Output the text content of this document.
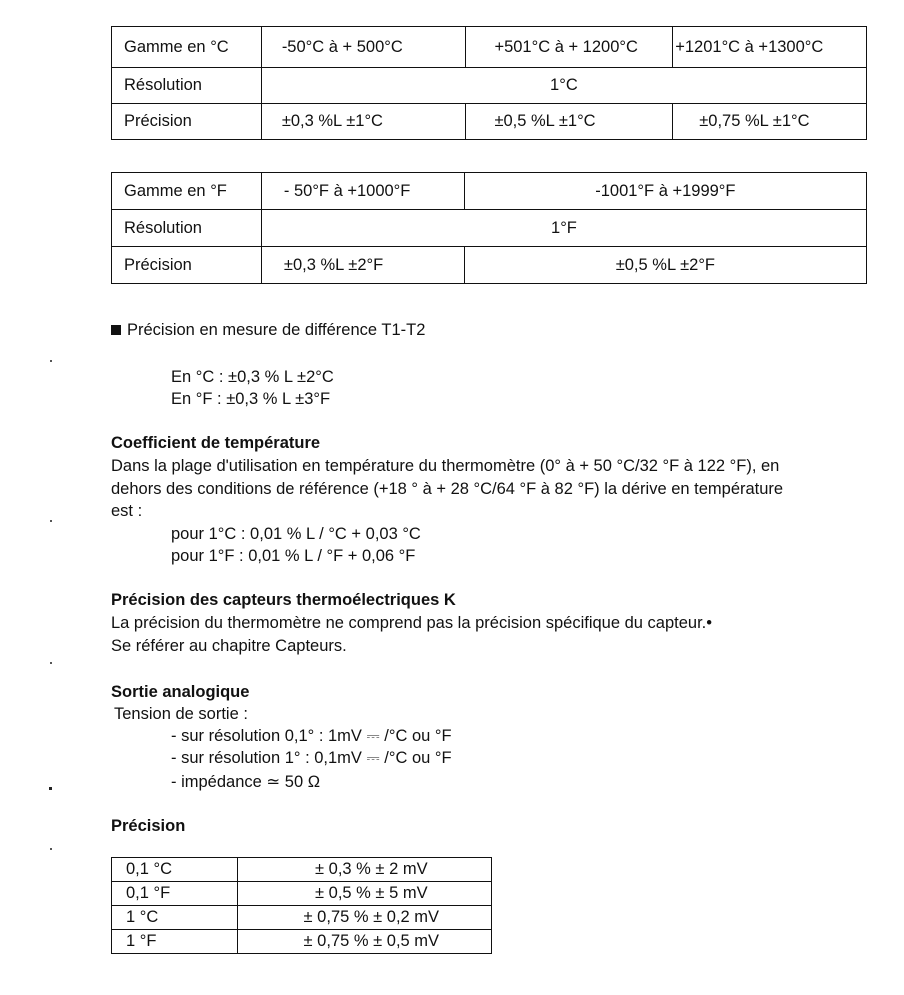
Gamme en °C	-50°C à + 500°C	+501°C à + 1200°C	+1201°C à +1300°C
Résolution	1°C		
Précision	±0,3 %L ±1°C	±0,5 %L ±1°C	±0,75 %L ±1°C
Gamme en °F	- 50°F à +1000°F	-1001°F à +1999°F
Résolution	1°F	
Précision	±0,3 %L ±2°F	±0,5 %L ±2°F
Précision en mesure de différence T1-T2
En °C : ±0,3 % L ±2°C
En °F : ±0,3 % L ±3°F
Coefficient de température
Dans la plage d'utilisation en température du thermomètre (0° à + 50 °C/32 °F à 122 °F), en
dehors des conditions de référence (+18 ° à + 28 °C/64 °F à 82 °F) la dérive en température
est :
pour 1°C : 0,01 % L / °C + 0,03 °C
pour 1°F : 0,01 % L / °F + 0,06 °F
Précision des capteurs thermoélectriques K
La précision du thermomètre ne comprend pas la précision spécifique du capteur.•
Se référer au chapitre Capteurs.
Sortie analogique
Tension de sortie :
- sur résolution 0,1° : 1mV ⎓ /°C ou °F
- sur résolution 1° : 0,1mV ⎓ /°C ou °F
- impédance ≃ 50 Ω
Précision
0,1 °C	± 0,3 % ± 2 mV
0,1 °F	± 0,5 % ± 5 mV
1 °C	± 0,75 % ± 0,2 mV
1 °F	± 0,75 % ± 0,5 mV
